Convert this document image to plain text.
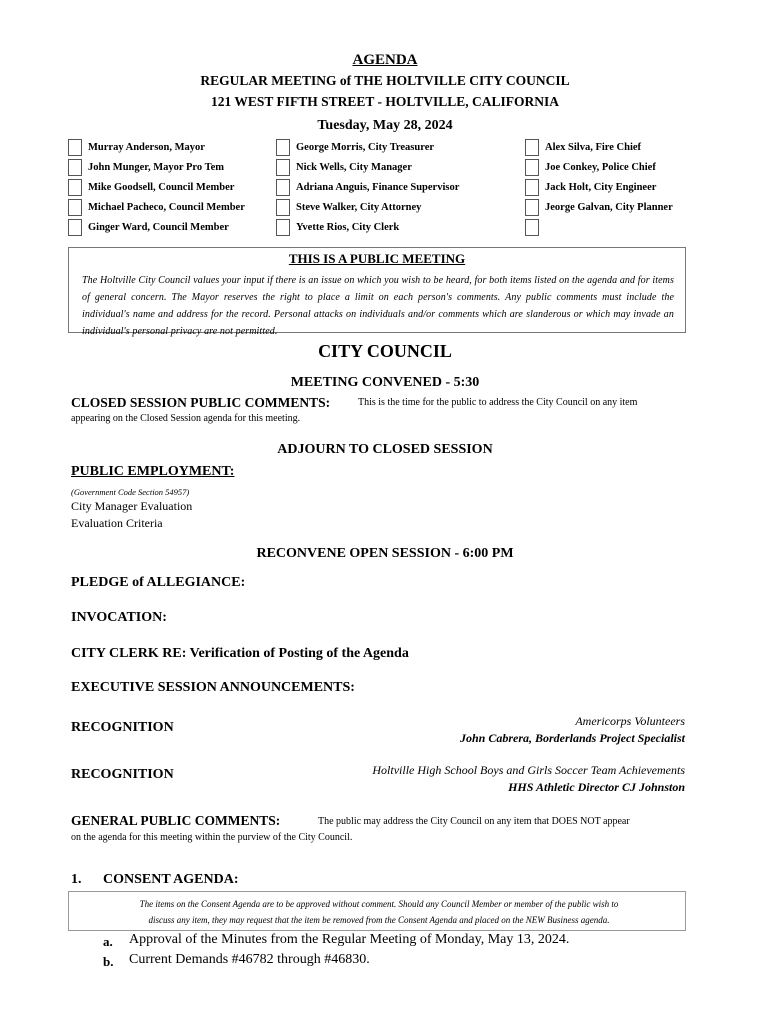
AGENDA
REGULAR MEETING of THE HOLTVILLE CITY COUNCIL
121 WEST FIFTH STREET - HOLTVILLE, CALIFORNIA
Tuesday, May 28, 2024
Murray Anderson, Mayor	George Morris, City Treasurer	Alex Silva, Fire Chief
John Munger, Mayor Pro Tem	Nick Wells, City Manager	Joe Conkey, Police Chief
Mike Goodsell, Council Member	Adriana Anguis, Finance Supervisor	Jack Holt, City Engineer
Michael Pacheco, Council Member	Steve Walker, City Attorney	Jeorge Galvan, City Planner
Ginger Ward, Council Member	Yvette Rios, City Clerk
THIS IS A PUBLIC MEETING
The Holtville City Council values your input if there is an issue on which you wish to be heard, for both items listed on the agenda and for items of general concern. The Mayor reserves the right to place a limit on each person's comments. Any public comments must include the individual's name and address for the record. Personal attacks on individuals and/or comments which are slanderous or which may invade an individual's personal privacy are not permitted.
CITY COUNCIL
MEETING CONVENED - 5:30
CLOSED SESSION PUBLIC COMMENTS:	This is the time for the public to address the City Council on any item
appearing on the Closed Session agenda for this meeting.
ADJOURN TO CLOSED SESSION
PUBLIC EMPLOYMENT:
(Government Code Section 54957)
City Manager Evaluation
Evaluation Criteria
RECONVENE OPEN SESSION - 6:00 PM
PLEDGE of ALLEGIANCE:
INVOCATION:
CITY CLERK RE: Verification of Posting of the Agenda
EXECUTIVE SESSION ANNOUNCEMENTS:
RECOGNITION	Americorps Volunteers
John Cabrera, Borderlands Project Specialist
RECOGNITION	Holtville High School Boys and Girls Soccer Team Achievements
HHS Athletic Director CJ Johnston
GENERAL PUBLIC COMMENTS:	The public may address the City Council on any item that DOES NOT appear
on the agenda for this meeting within the purview of the City Council.
1. CONSENT AGENDA:
The items on the Consent Agenda are to be approved without comment. Should any Council Member or member of the public wish to
discuss any item, they may request that the item be removed from the Consent Agenda and placed on the NEW Business agenda.
a. Approval of the Minutes from the Regular Meeting of Monday, May 13, 2024.
b. Current Demands #46782 through #46830.
